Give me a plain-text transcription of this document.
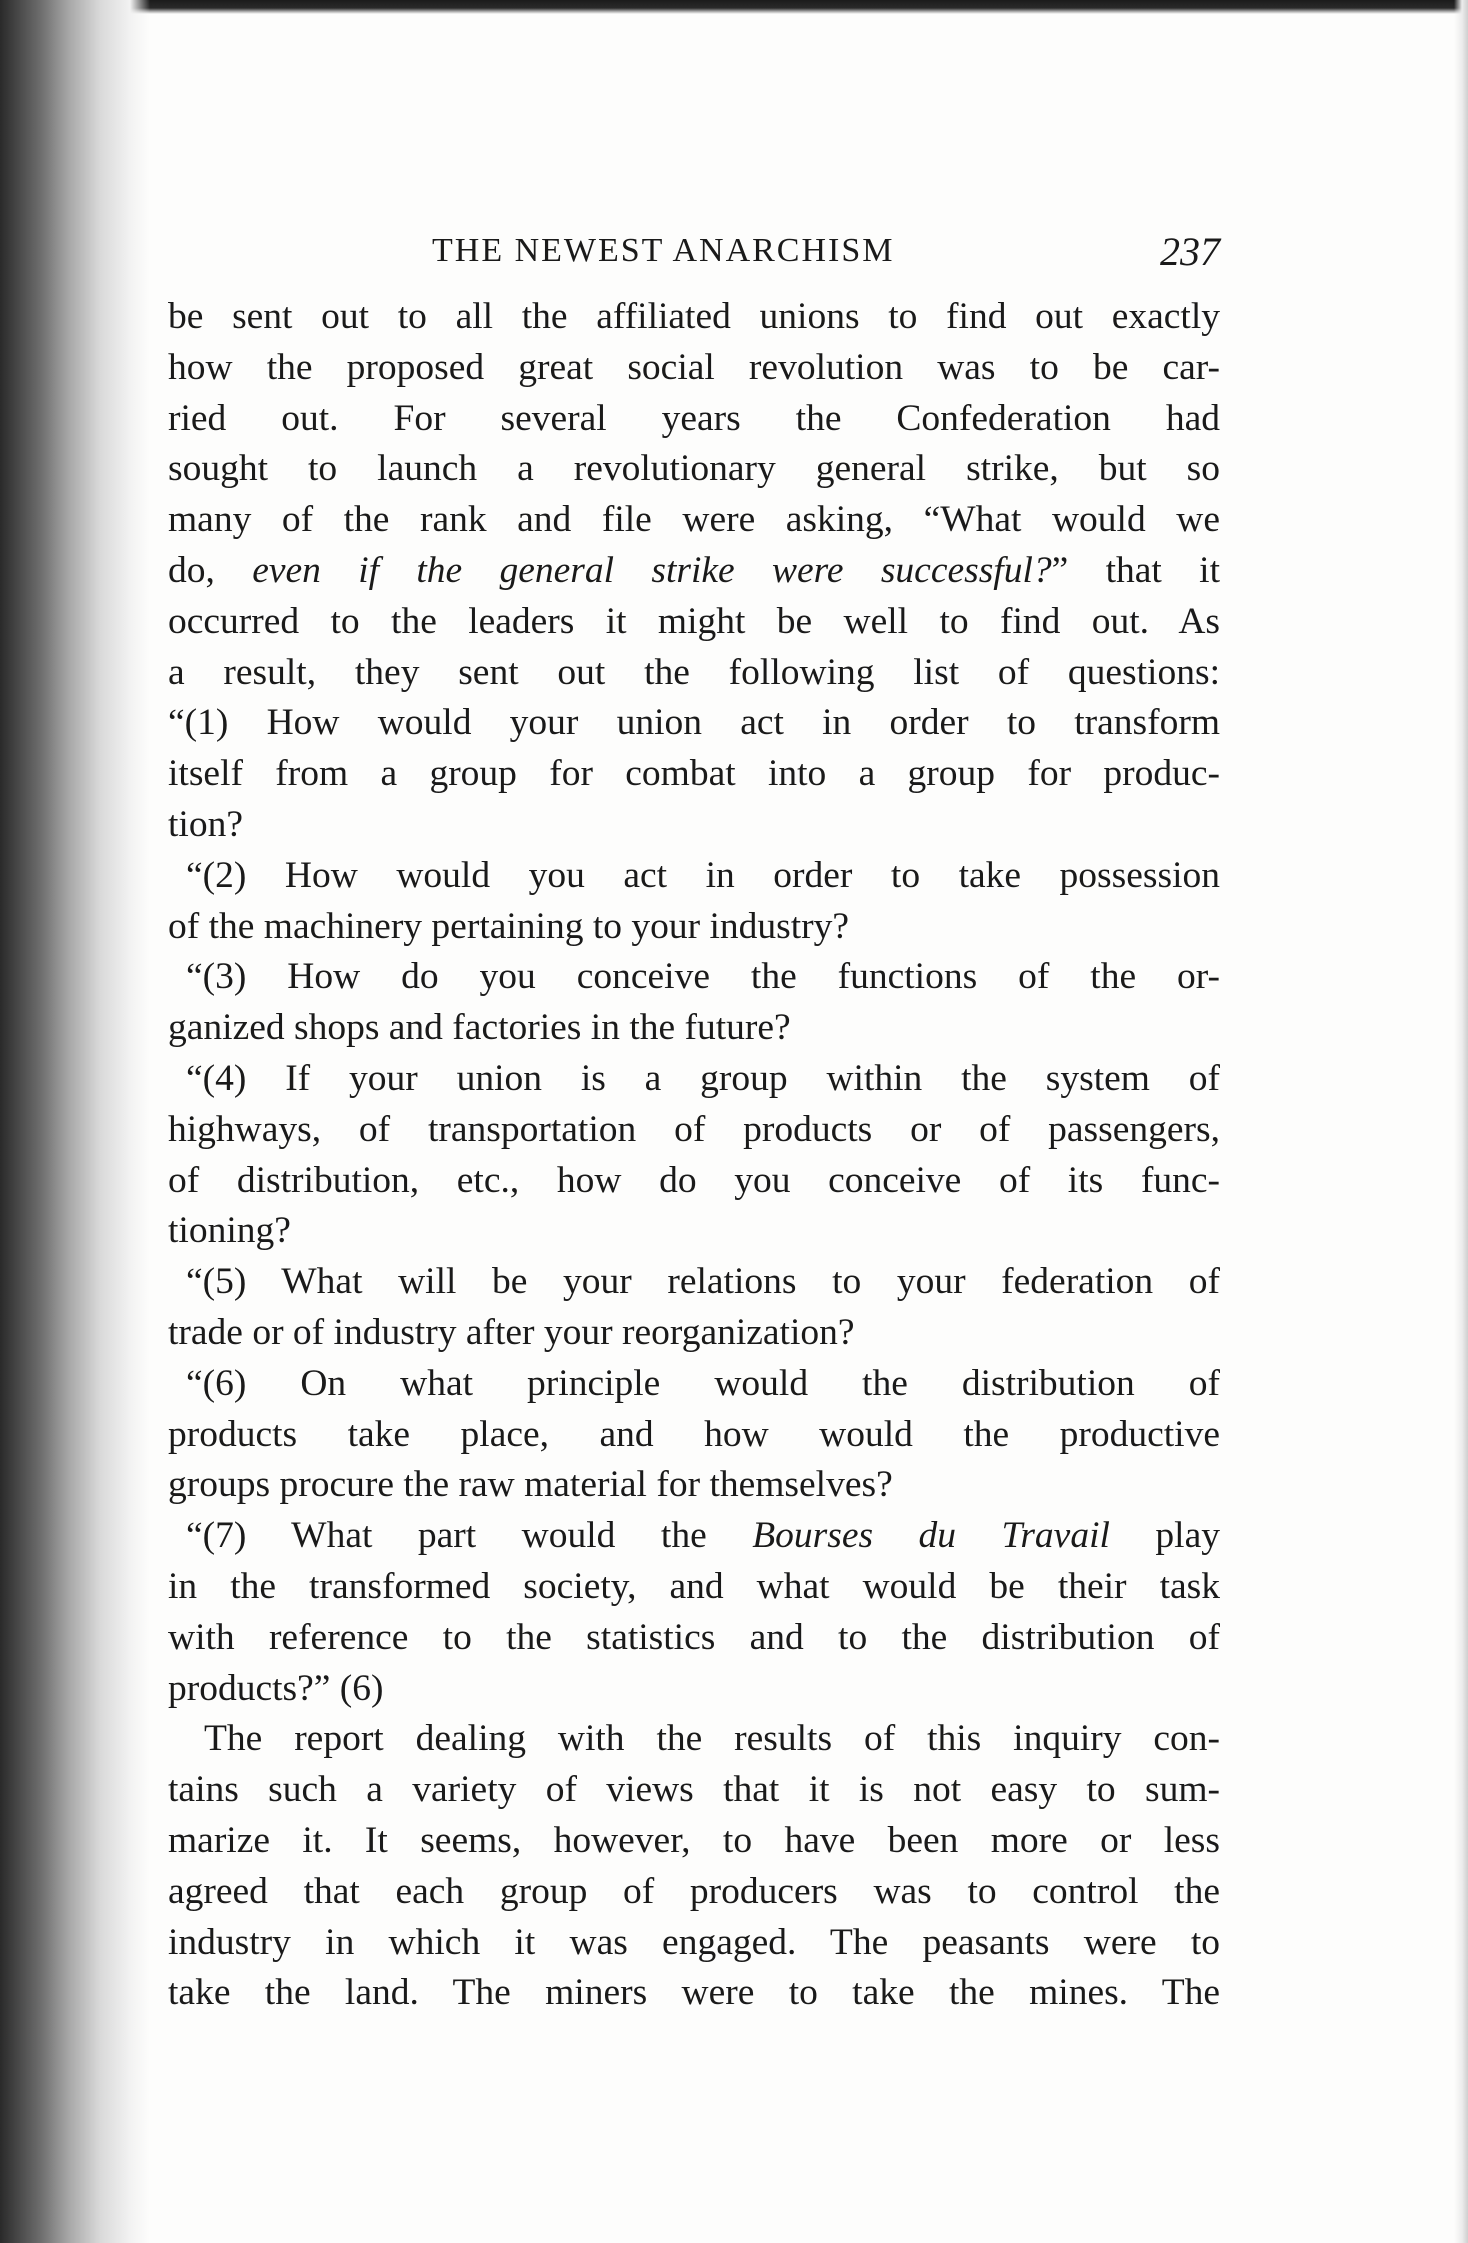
THE NEWEST ANARCHISM	237
be sent out to all the affiliated unions to find out exactly
how the proposed great social revolution was to be car-
ried out. For several years the Confederation had
sought to launch a revolutionary general strike, but so
many of the rank and file were asking, “What would we
do, even if the general strike were successful?” that it
occurred to the leaders it might be well to find out. As
a result, they sent out the following list of questions:
“(1) How would your union act in order to transform
itself from a group for combat into a group for produc-
tion?
“(2) How would you act in order to take possession
of the machinery pertaining to your industry?
“(3) How do you conceive the functions of the or-
ganized shops and factories in the future?
“(4) If your union is a group within the system of
highways, of transportation of products or of passengers,
of distribution, etc., how do you conceive of its func-
tioning?
“(5) What will be your relations to your federation of
trade or of industry after your reorganization?
“(6) On what principle would the distribution of
products take place, and how would the productive
groups procure the raw material for themselves?
“(7) What part would the Bourses du Travail play
in the transformed society, and what would be their task
with reference to the statistics and to the distribution of
products?” (6)
The report dealing with the results of this inquiry con-
tains such a variety of views that it is not easy to sum-
marize it. It seems, however, to have been more or less
agreed that each group of producers was to control the
industry in which it was engaged. The peasants were to
take the land. The miners were to take the mines. The
